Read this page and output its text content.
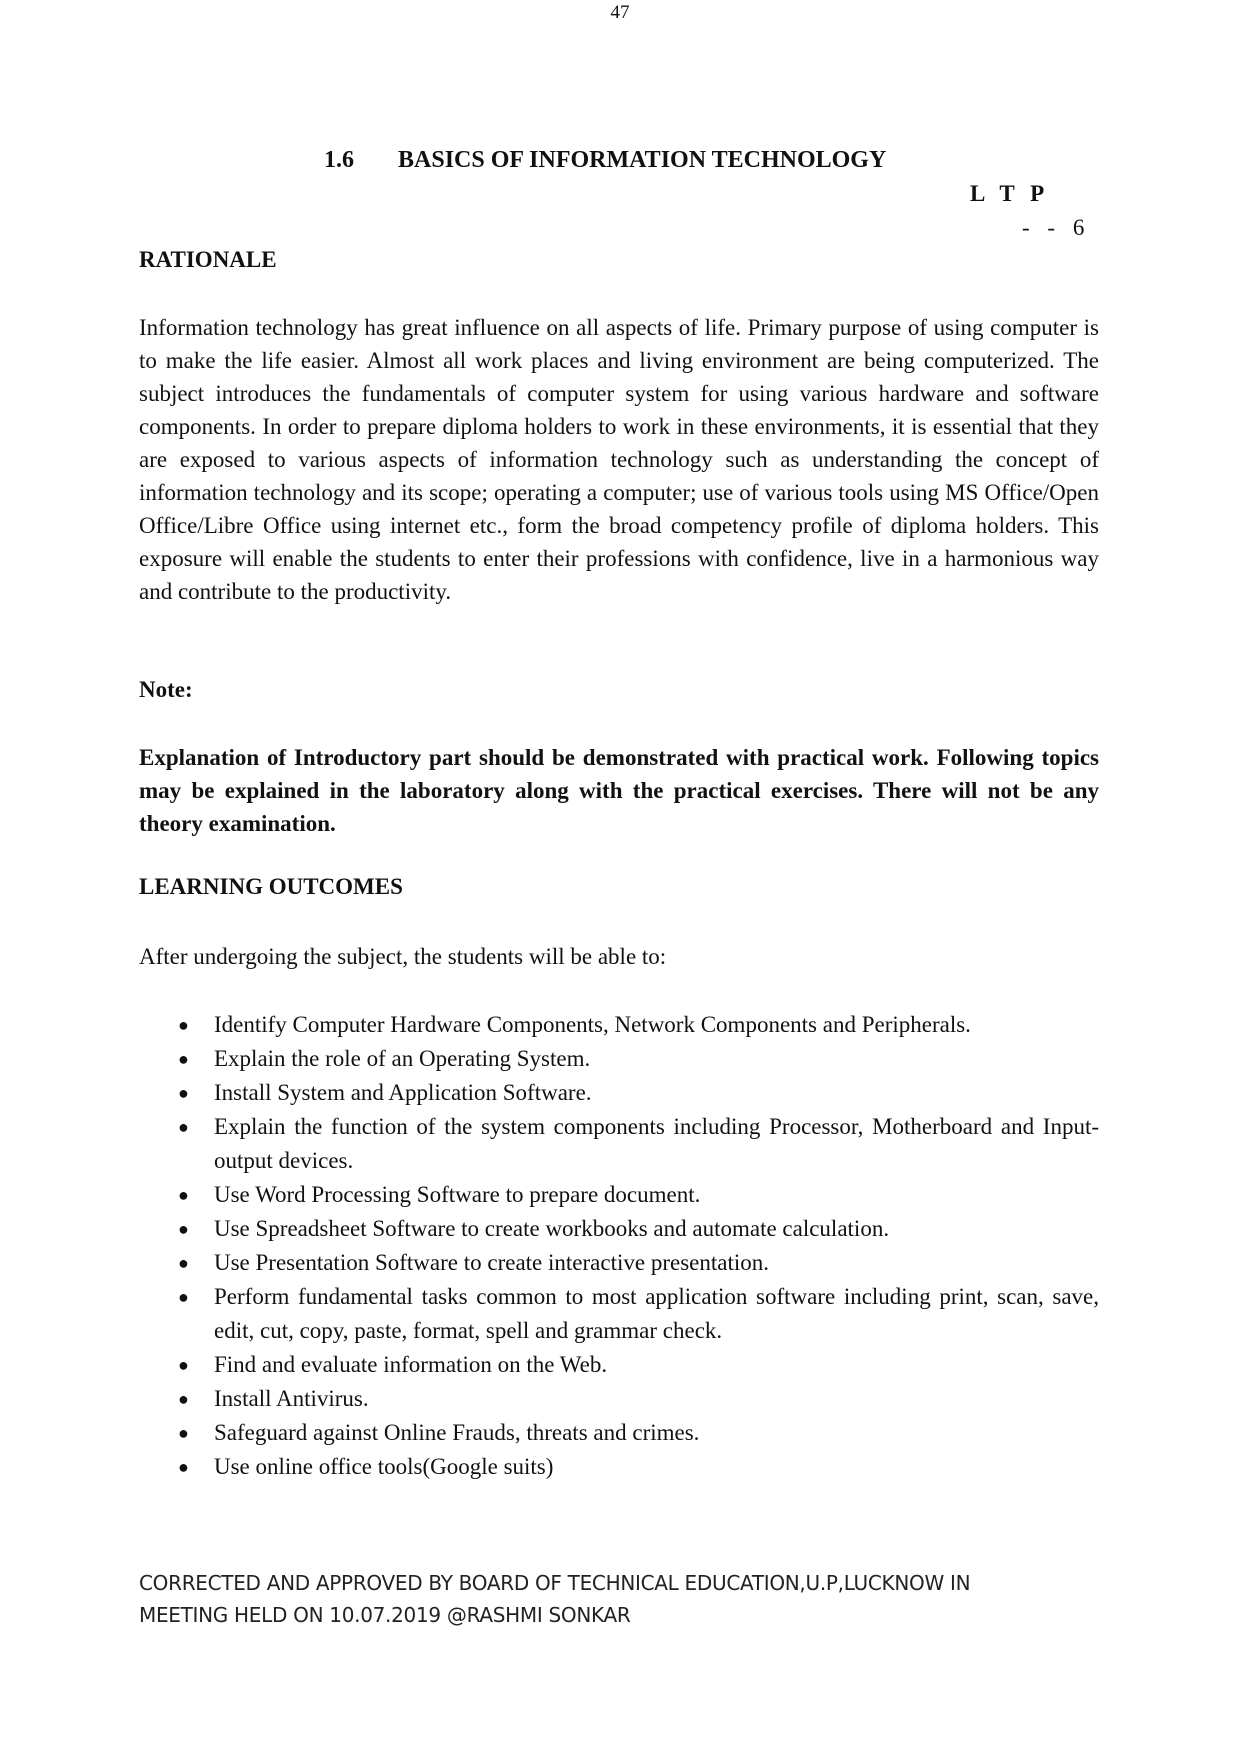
47
1.6 BASICS OF INFORMATION TECHNOLOGY
L T P
- - 6
RATIONALE

Information technology has great influence on all aspects of life. Primary purpose of using computer is to make the life easier. Almost all work places and living environment are being computerized. The subject introduces the fundamentals of computer system for using various hardware and software components. In order to prepare diploma holders to work in these environments, it is essential that they are exposed to various aspects of information technology such as understanding the concept of information technology and its scope; operating a computer; use of various tools using MS Office/Open Office/Libre Office using internet etc., form the broad competency profile of diploma holders. This exposure will enable the students to enter their professions with confidence, live in a harmonious way and contribute to the productivity.

Note:

Explanation of Introductory part should be demonstrated with practical work. Following topics may be explained in the laboratory along with the practical exercises. There will not be any theory examination.

LEARNING OUTCOMES
After undergoing the subject, the students will be able to:
● Identify Computer Hardware Components, Network Components and Peripherals.
● Explain the role of an Operating System.
● Install System and Application Software.
● Explain the function of the system components including Processor, Motherboard and Input-output devices.
● Use Word Processing Software to prepare document.
● Use Spreadsheet Software to create workbooks and automate calculation.
● Use Presentation Software to create interactive presentation.
● Perform fundamental tasks common to most application software including print, scan, save, edit, cut, copy, paste, format, spell and grammar check.
● Find and evaluate information on the Web.
● Install Antivirus.
● Safeguard against Online Frauds, threats and crimes.
● Use online office tools(Google suits)
CORRECTED AND APPROVED BY BOARD OF TECHNICAL EDUCATION,U.P,LUCKNOW IN
MEETING HELD ON 10.07.2019 @RASHMI SONKAR
